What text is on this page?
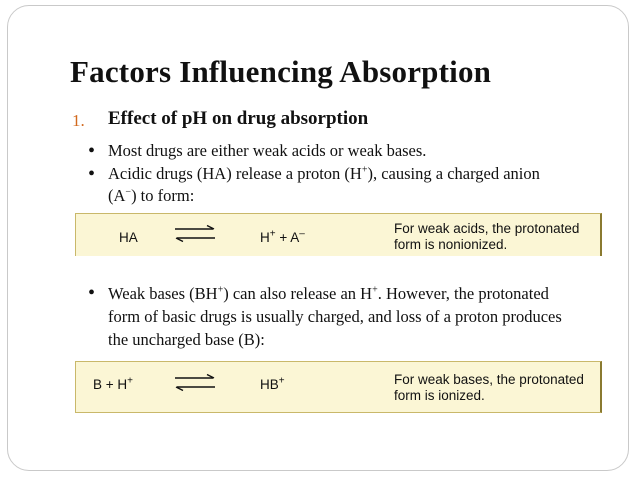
Factors Influencing Absorption
1. Effect of pH on drug absorption
• Most drugs are either weak acids or weak bases.
• Acidic drugs (HA) release a proton (H+), causing a charged anion
(A−) to form:
HA	H+ + A–	For weak acids, the protonated
form is nonionized.
• Weak bases (BH+) can also release an H+. However, the protonated
form of basic drugs is usually charged, and loss of a proton produces
the uncharged base (B):
B + H+	HB+	For weak bases, the protonated
form is ionized.
